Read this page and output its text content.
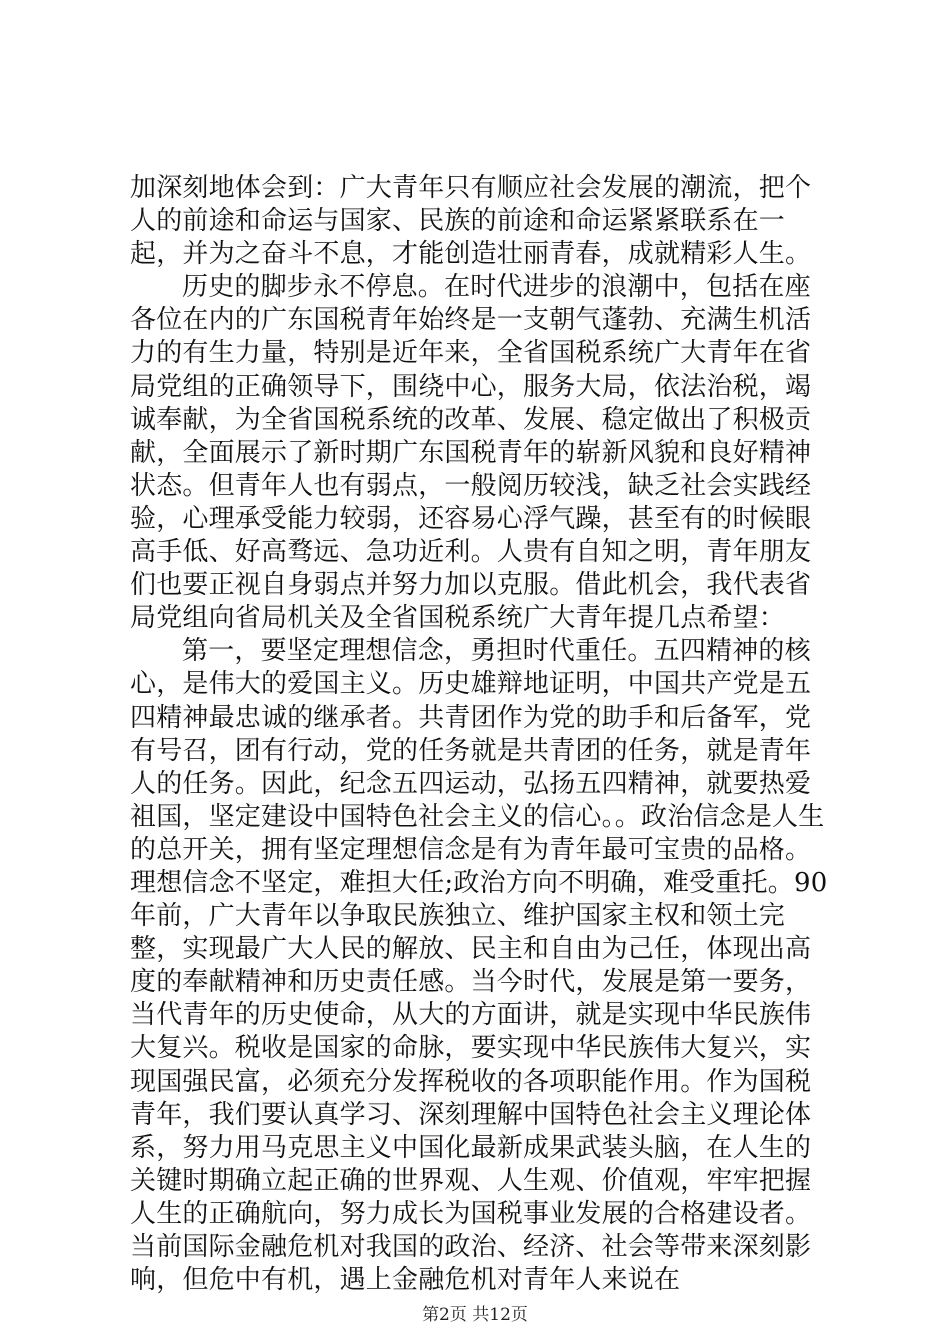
加深刻地体会到：广大青年只有顺应社会发展的潮流，把个人的前途和命运与国家、民族的前途和命运紧紧联系在一起，并为之奋斗不息，才能创造壮丽青春，成就精彩人生。

历史的脚步永不停息。在时代进步的浪潮中，包括在座各位在内的广东国税青年始终是一支朝气蓬勃、充满生机活力的有生力量，特别是近年来，全省国税系统广大青年在省局党组的正确领导下，围绕中心，服务大局，依法治税，竭诚奉献，为全省国税系统的改革、发展、稳定做出了积极贡献，全面展示了新时期广东国税青年的崭新风貌和良好精神状态。但青年人也有弱点，一般阅历较浅，缺乏社会实践经验，心理承受能力较弱，还容易心浮气躁，甚至有的时候眼高手低、好高骛远、急功近利。人贵有自知之明，青年朋友们也要正视自身弱点并努力加以克服。借此机会，我代表省局党组向省局机关及全省国税系统广大青年提几点希望：

第一，要坚定理想信念，勇担时代重任。五四精神的核心，是伟大的爱国主义。历史雄辩地证明，中国共产党是五四精神最忠诚的继承者。共青团作为党的助手和后备军，党有号召，团有行动，党的任务就是共青团的任务，就是青年人的任务。因此，纪念五四运动，弘扬五四精神，就要热爱祖国，坚定建设中国特色社会主义的信心。。政治信念是人生的总开关，拥有坚定理想信念是有为青年最可宝贵的品格。理想信念不坚定，难担大任;政治方向不明确，难受重托。90年前，广大青年以争取民族独立、维护国家主权和领土完整，实现最广大人民的解放、民主和自由为己任，体现出高度的奉献精神和历史责任感。当今时代，发展是第一要务，当代青年的历史使命，从大的方面讲，就是实现中华民族伟大复兴。税收是国家的命脉，要实现中华民族伟大复兴，实现国强民富，必须充分发挥税收的各项职能作用。作为国税青年，我们要认真学习、深刻理解中国特色社会主义理论体系，努力用马克思主义中国化最新成果武装头脑，在人生的关键时期确立起正确的世界观、人生观、价值观，牢牢把握人生的正确航向，努力成长为国税事业发展的合格建设者。当前国际金融危机对我国的政治、经济、社会等带来深刻影响，但危中有机，遇上金融危机对青年人来说在

第2页 共12页
